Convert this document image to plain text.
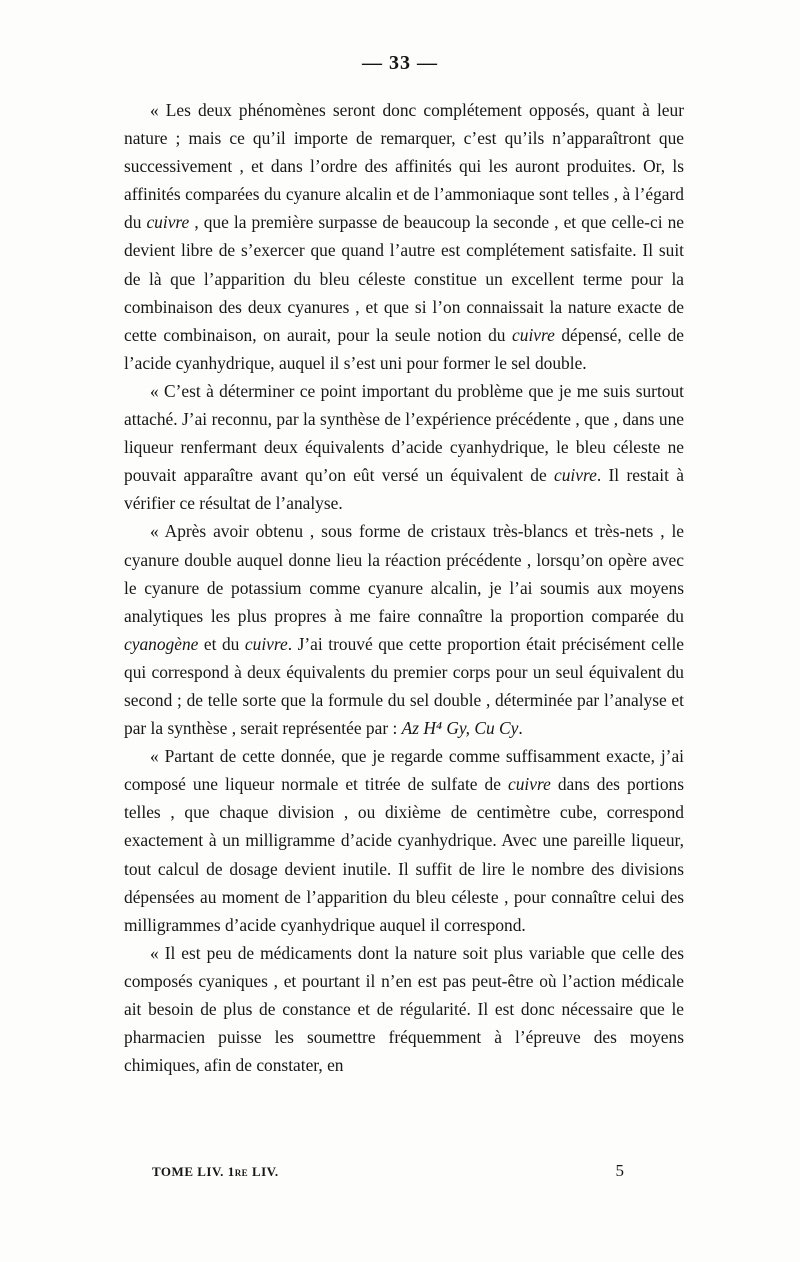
— 33 —

« Les deux phénomènes seront donc complétement opposés, quant à leur nature ; mais ce qu’il importe de remarquer, c’est qu’ils n’apparaîtront que successivement , et dans l’ordre des affinités qui les auront produites. Or, ls affinités comparées du cyanure alcalin et de l’ammoniaque sont telles , à l’égard du cuivre , que la première surpasse de beaucoup la seconde , et que celle-ci ne devient libre de s’exercer que quand l’autre est complétement satisfaite. Il suit de là que l’apparition du bleu céleste constitue un excellent terme pour la combinaison des deux cyanures , et que si l’on connaissait la nature exacte de cette combinaison, on aurait, pour la seule notion du cuivre dépensé, celle de l’acide cyanhydrique, auquel il s’est uni pour former le sel double.

« C’est à déterminer ce point important du problème que je me suis surtout attaché. J’ai reconnu, par la synthèse de l’expérience précédente , que , dans une liqueur renfermant deux équivalents d’acide cyanhydrique, le bleu céleste ne pouvait apparaître avant qu’on eût versé un équivalent de cuivre. Il restait à vérifier ce résultat de l’analyse.

« Après avoir obtenu , sous forme de cristaux très-blancs et très-nets , le cyanure double auquel donne lieu la réaction précédente , lorsqu’on opère avec le cyanure de potassium comme cyanure alcalin, je l’ai soumis aux moyens analytiques les plus propres à me faire connaître la proportion comparée du cyanogène et du cuivre. J’ai trouvé que cette proportion était précisément celle qui correspond à deux équivalents du premier corps pour un seul équivalent du second ; de telle sorte que la formule du sel double , déterminée par l’analyse et par la synthèse , serait représentée par : Az H⁴ Gy, Cu Cy.

« Partant de cette donnée, que je regarde comme suffisamment exacte, j’ai composé une liqueur normale et titrée de sulfate de cuivre dans des portions telles , que chaque division , ou dixième de centimètre cube, correspond exactement à un milligramme d’acide cyanhydrique. Avec une pareille liqueur, tout calcul de dosage devient inutile. Il suffit de lire le nombre des divisions dépensées au moment de l’apparition du bleu céleste , pour connaître celui des milligrammes d’acide cyanhydrique auquel il correspond.

« Il est peu de médicaments dont la nature soit plus variable que celle des composés cyaniques , et pourtant il n’en est pas peut-être où l’action médicale ait besoin de plus de constance et de régularité. Il est donc nécessaire que le pharmacien puisse les soumettre fréquemment à l’épreuve des moyens chimiques, afin de constater, en

TOME LIV. 1re LIV.	5
